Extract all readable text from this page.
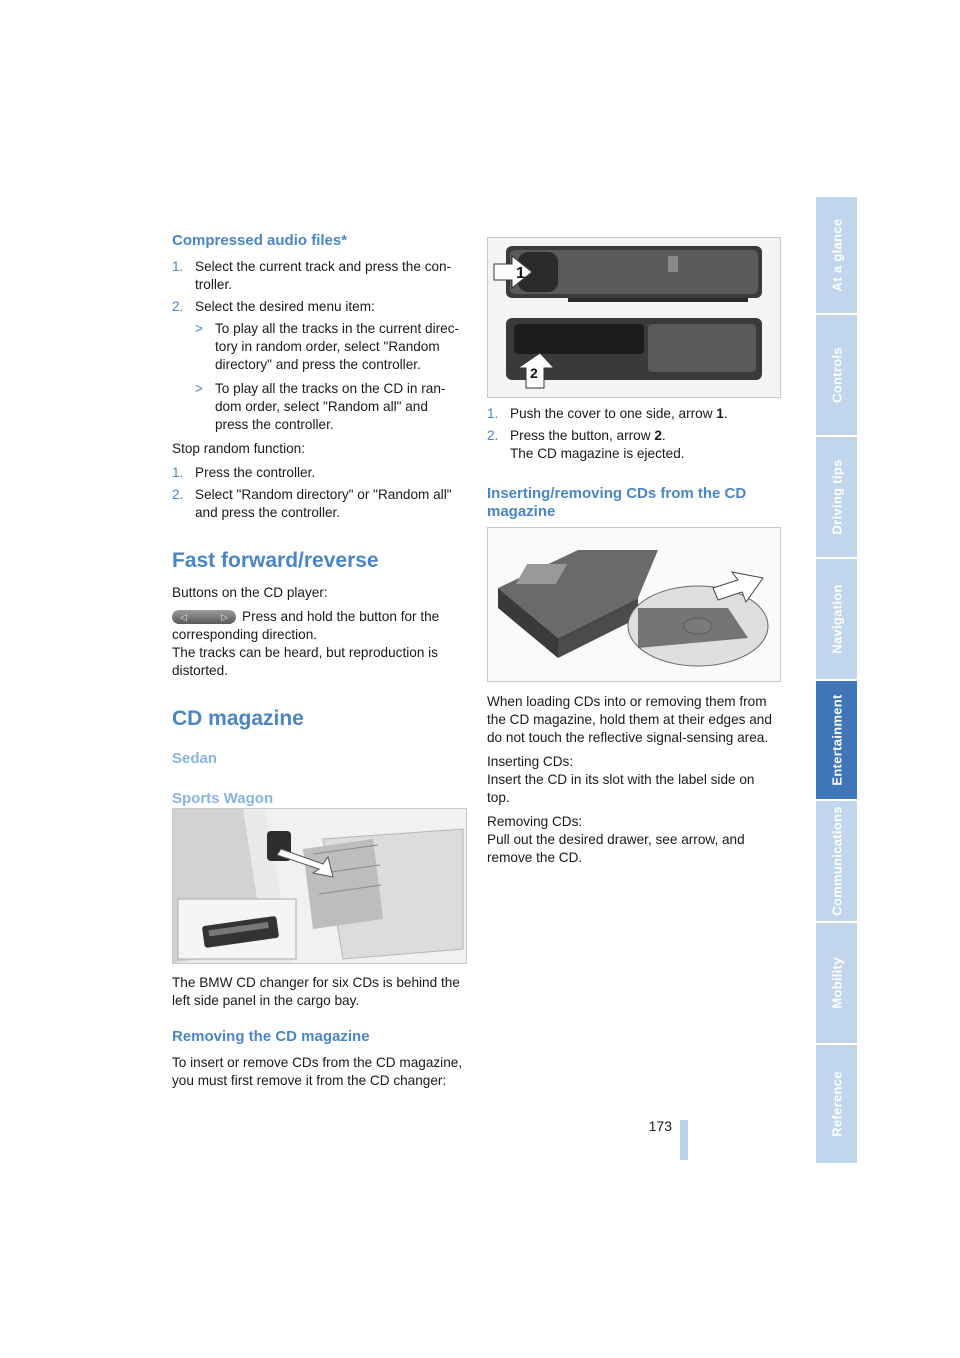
Compressed audio files*
1. Select the current track and press the con-
troller.
2. Select the desired menu item:
> To play all the tracks in the current direc-
tory in random order, select "Random
directory" and press the controller.
> To play all the tracks on the CD in ran-
dom order, select "Random all" and
press the controller.

Stop random function:

1. Press the controller.
2. Select "Random directory" or "Random all"
and press the controller.
Fast forward/reverse

Buttons on the CD player:

◁	▷ Press and hold the button for the

corresponding direction.
The tracks can be heard, but reproduction is
distorted.

CD magazine
Sedan
Sports Wagon

The BMW CD changer for six CDs is behind the
left side panel in the cargo bay.

Removing the CD magazine

To insert or remove CDs from the CD magazine,
you must first remove it from the CD changer:

1
2
1. Push the cover to one side, arrow 1.
2. Press the button, arrow 2.
The CD magazine is ejected.
Inserting/removing CDs from the CD
magazine

When loading CDs into or removing them from
the CD magazine, hold them at their edges and
do not touch the reflective signal-sensing area.

Inserting CDs:

Insert the CD in its slot with the label side on
top.

Removing CDs:

Pull out the desired drawer, see arrow, and
remove the CD.

173
At a glance
Controls
Driving tips
Navigation
Entertainment
Communications
Mobility
Reference
